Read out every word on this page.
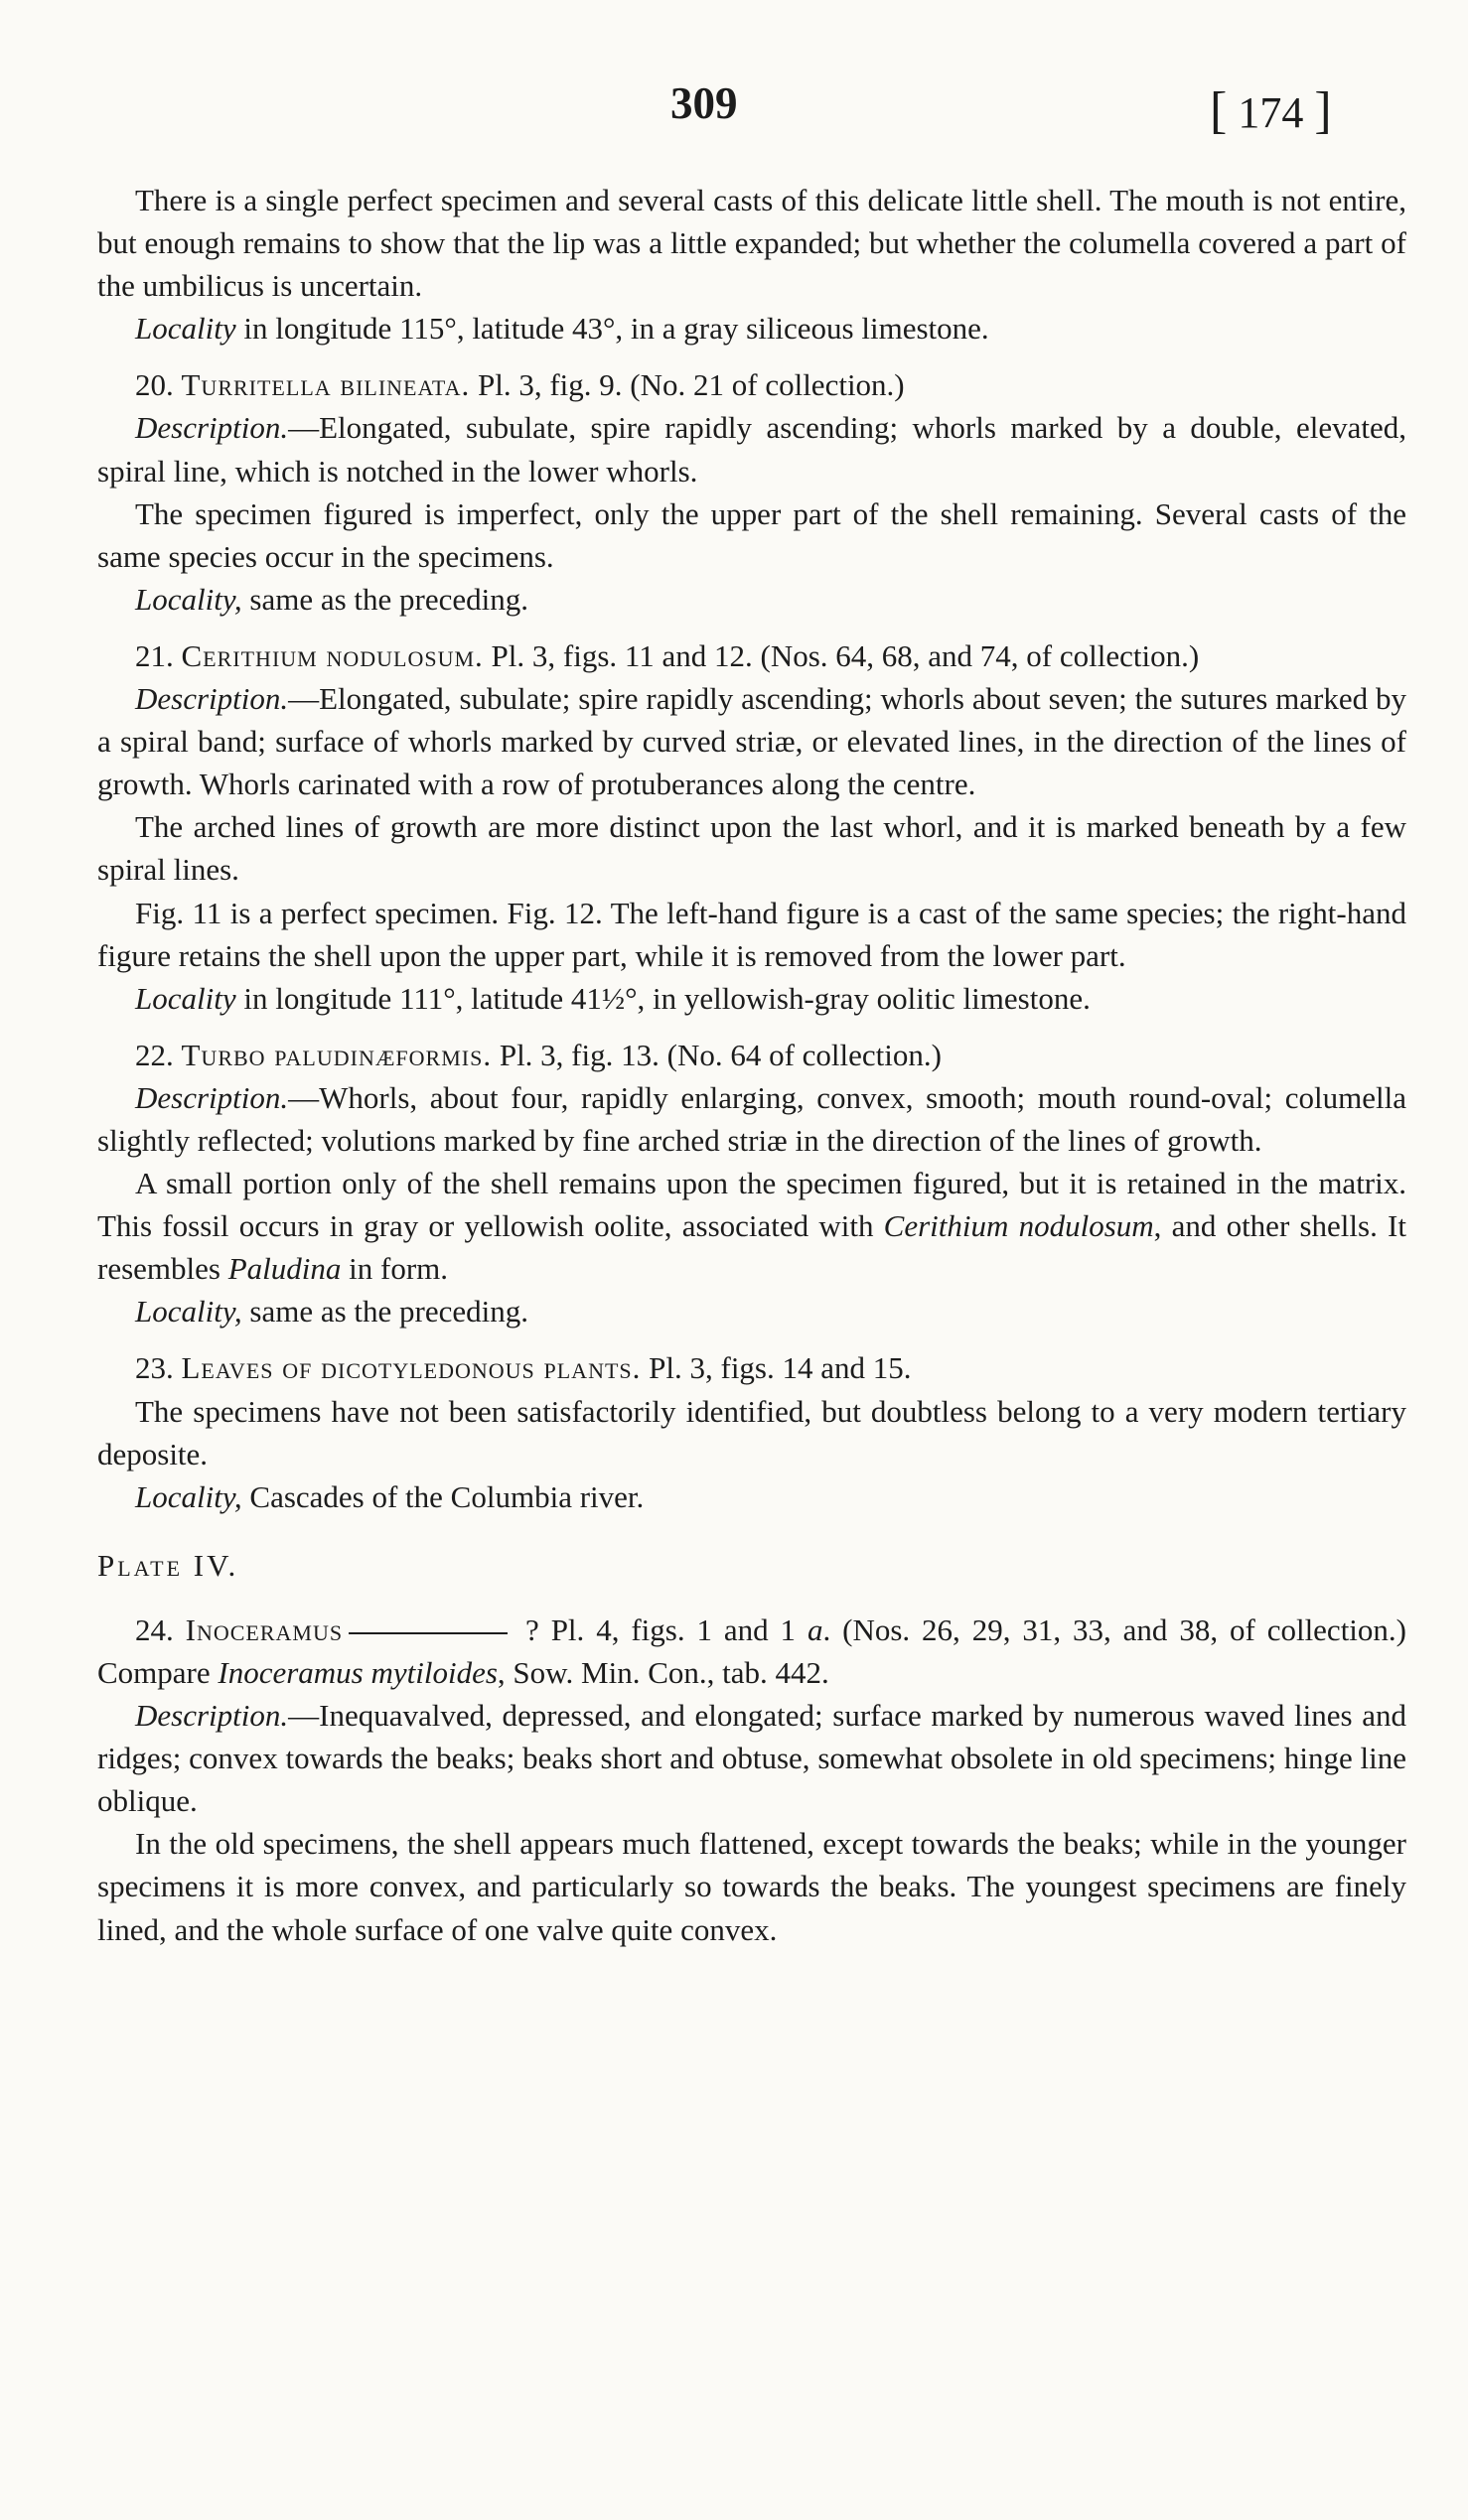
309	[ 174 ]

There is a single perfect specimen and several casts of this delicate little shell. The mouth is not entire, but enough remains to show that the lip was a little expanded; but whether the columella covered a part of the umbilicus is uncertain.

Locality in longitude 115°, latitude 43°, in a gray siliceous limestone.

20. Turritella bilineata. Pl. 3, fig. 9. (No. 21 of collection.)

Description.—Elongated, subulate, spire rapidly ascending; whorls marked by a double, elevated, spiral line, which is notched in the lower whorls.

The specimen figured is imperfect, only the upper part of the shell remaining. Several casts of the same species occur in the specimens.

Locality, same as the preceding.

21. Cerithium nodulosum. Pl. 3, figs. 11 and 12. (Nos. 64, 68, and 74, of collection.)

Description.—Elongated, subulate; spire rapidly ascending; whorls about seven; the sutures marked by a spiral band; surface of whorls marked by curved striæ, or elevated lines, in the direction of the lines of growth. Whorls carinated with a row of protuberances along the centre.

The arched lines of growth are more distinct upon the last whorl, and it is marked beneath by a few spiral lines.

Fig. 11 is a perfect specimen. Fig. 12. The left-hand figure is a cast of the same species; the right-hand figure retains the shell upon the upper part, while it is removed from the lower part.

Locality in longitude 111°, latitude 41½°, in yellowish-gray oolitic limestone.

22. Turbo paludinæformis. Pl. 3, fig. 13. (No. 64 of collection.)

Description.—Whorls, about four, rapidly enlarging, convex, smooth; mouth round-oval; columella slightly reflected; volutions marked by fine arched striæ in the direction of the lines of growth.

A small portion only of the shell remains upon the specimen figured, but it is retained in the matrix. This fossil occurs in gray or yellowish oolite, associated with Cerithium nodulosum, and other shells. It resembles Paludina in form.

Locality, same as the preceding.

23. Leaves of dicotyledonous plants. Pl. 3, figs. 14 and 15.

The specimens have not been satisfactorily identified, but doubtless belong to a very modern tertiary deposite.

Locality, Cascades of the Columbia river.

Plate IV.

24. Inoceramus	? Pl. 4, figs. 1 and 1 a. (Nos. 26, 29, 31, 33, and 38, of collection.) Compare Inoceramus mytiloides, Sow. Min. Con., tab. 442.

Description.—Inequavalved, depressed, and elongated; surface marked by numerous waved lines and ridges; convex towards the beaks; beaks short and obtuse, somewhat obsolete in old specimens; hinge line oblique.

In the old specimens, the shell appears much flattened, except towards the beaks; while in the younger specimens it is more convex, and particularly so towards the beaks. The youngest specimens are finely lined, and the whole surface of one valve quite convex.
